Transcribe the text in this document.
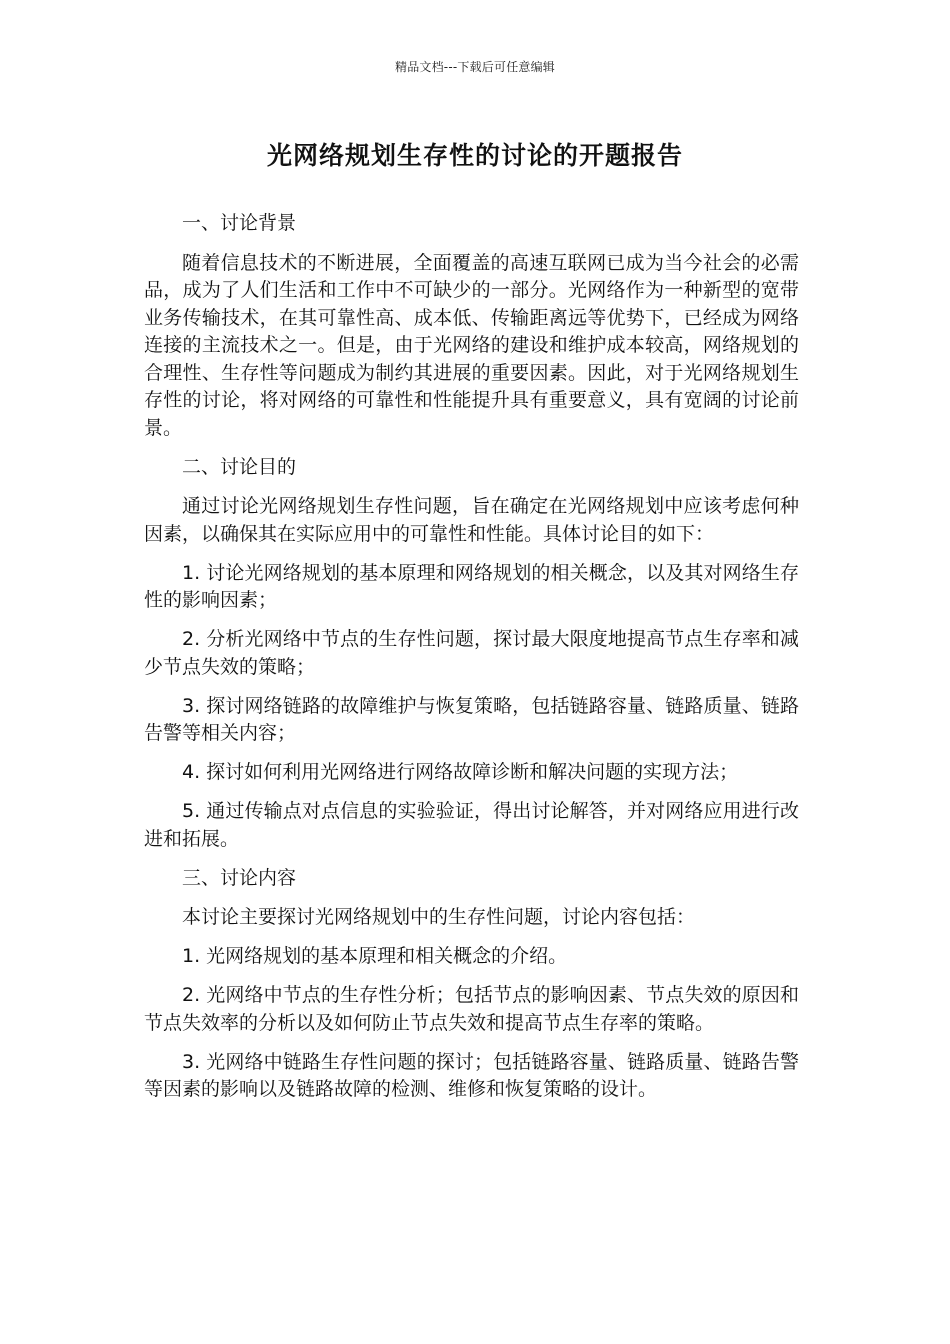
精品文档---下载后可任意编辑
光网络规划生存性的讨论的开题报告

一、讨论背景

随着信息技术的不断进展，全面覆盖的高速互联网已成为当今社会的必需品，成为了人们生活和工作中不可缺少的一部分。光网络作为一种新型的宽带业务传输技术，在其可靠性高、成本低、传输距离远等优势下，已经成为网络连接的主流技术之一。但是，由于光网络的建设和维护成本较高，网络规划的合理性、生存性等问题成为制约其进展的重要因素。因此，对于光网络规划生存性的讨论，将对网络的可靠性和性能提升具有重要意义，具有宽阔的讨论前景。

二、讨论目的

通过讨论光网络规划生存性问题，旨在确定在光网络规划中应该考虑何种因素，以确保其在实际应用中的可靠性和性能。具体讨论目的如下：

1. 讨论光网络规划的基本原理和网络规划的相关概念，以及其对网络生存性的影响因素；

2. 分析光网络中节点的生存性问题，探讨最大限度地提高节点生存率和减少节点失效的策略；

3. 探讨网络链路的故障维护与恢复策略，包括链路容量、链路质量、链路告警等相关内容；

4. 探讨如何利用光网络进行网络故障诊断和解决问题的实现方法；

5. 通过传输点对点信息的实验验证，得出讨论解答，并对网络应用进行改进和拓展。

三、讨论内容

本讨论主要探讨光网络规划中的生存性问题，讨论内容包括：

1. 光网络规划的基本原理和相关概念的介绍。

2. 光网络中节点的生存性分析；包括节点的影响因素、节点失效的原因和节点失效率的分析以及如何防止节点失效和提高节点生存率的策略。

3. 光网络中链路生存性问题的探讨；包括链路容量、链路质量、链路告警等因素的影响以及链路故障的检测、维修和恢复策略的设计。
